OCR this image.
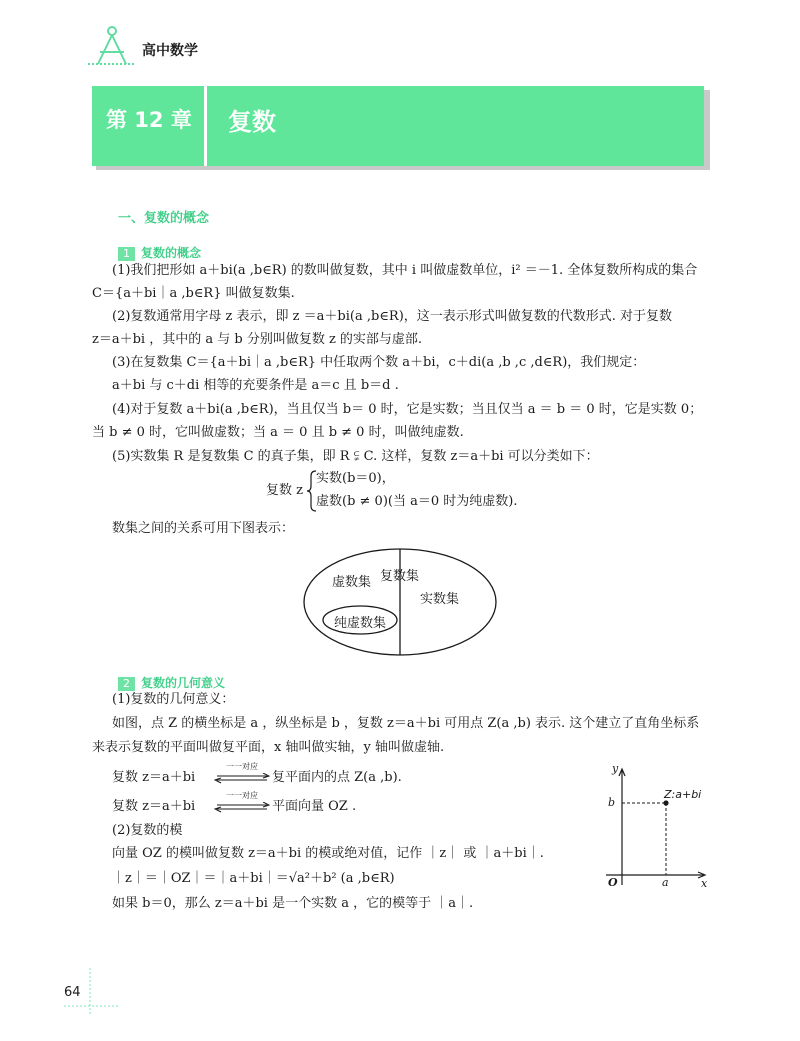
高中数学
第 12 章 复数
一、复数的概念
1 复数的概念
(1)我们把形如 a＋bi(a ,b∈R) 的数叫做复数，其中 i 叫做虚数单位，i² ＝－1. 全体复数所构成的集合
C＝{a＋bi｜a ,b∈R} 叫做复数集.
(2)复数通常用字母 z 表示，即 z ＝a＋bi(a ,b∈R)，这一表示形式叫做复数的代数形式. 对于复数
z＝a＋bi ，其中的 a 与 b 分别叫做复数 z 的实部与虚部.
(3)在复数集 C＝{a＋bi｜a ,b∈R} 中任取两个数 a＋bi，c＋di(a ,b ,c ,d∈R)，我们规定：
a＋bi 与 c＋di 相等的充要条件是 a＝c 且 b＝d .
(4)对于复数 a＋bi(a ,b∈R)，当且仅当 b＝ 0 时，它是实数；当且仅当 a ＝ b ＝ 0 时，它是实数 0；
当 b ≠ 0 时，它叫做虚数；当 a ＝ 0 且 b ≠ 0 时，叫做纯虚数.
(5)实数集 R 是复数集 C 的真子集，即 R ⫋ C. 这样，复数 z＝a＋bi 可以分类如下：
复数 z
实数(b＝0)，
虚数(b ≠ 0)(当 a＝0 时为纯虚数).
数集之间的关系可用下图表示：
虚数集 复数集
实数集
纯虚数集
2 复数的几何意义
(1)复数的几何意义：
如图，点 Z 的横坐标是 a ，纵坐标是 b ，复数 z＝a＋bi 可用点 Z(a ,b) 表示. 这个建立了直角坐标系
来表示复数的平面叫做复平面，x 轴叫做实轴，y 轴叫做虚轴.
复数 z＝a＋bi
一一对应
复平面内的点 Z(a ,b).
复数 z＝a＋bi
一一对应
平面向量 OZ .
(2)复数的模
向量 OZ 的模叫做复数 z＝a＋bi 的模或绝对值，记作 ｜z｜ 或 ｜a＋bi｜.
｜z｜＝｜OZ｜＝｜a＋bi｜＝√a²＋b² (a ,b∈R)
如果 b＝0，那么 z＝a＋bi 是一个实数 a ，它的模等于 ｜a｜.
y
x
O
b
a
Z:a+bi
64
